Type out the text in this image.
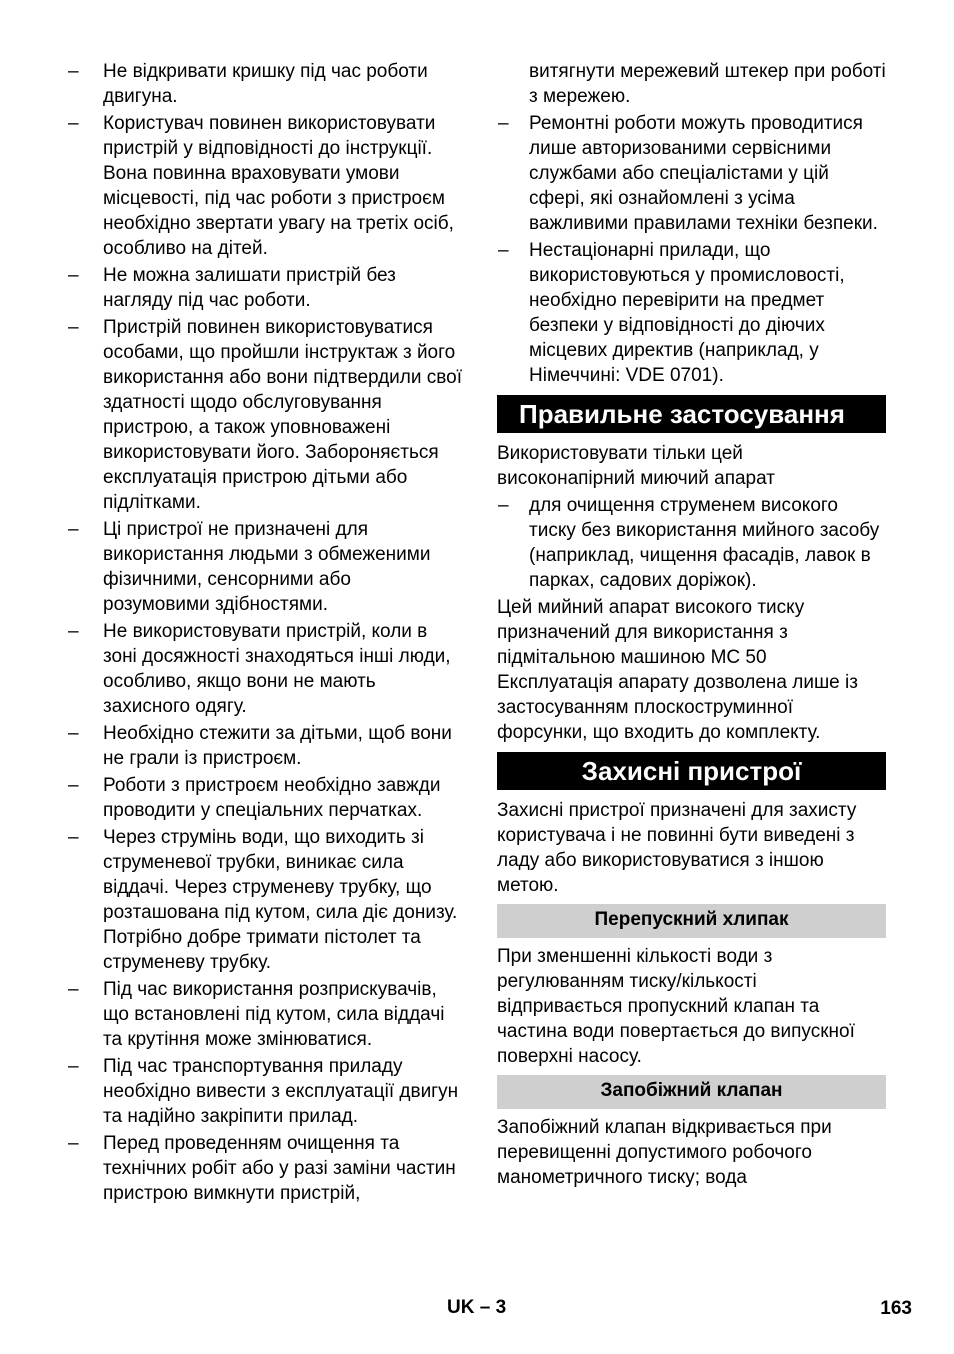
– Не відкривати кришку під час роботи двигуна.
– Користувач повинен використовувати пристрій у відповідності до інструкції. Вона повинна враховувати умови місцевості, під час роботи з пристроєм необхідно звертати увагу на третіх осіб, особливо на дітей.
– Не можна залишати пристрій без нагляду під час роботи.
– Пристрій повинен використовуватися особами, що пройшли інструктаж з його використання або вони підтвердили свої здатності щодо обслуговування пристрою, а також уповноважені використовувати його. Забороняється експлуатація пристрою дітьми або підлітками.
– Ці пристрої не призначені для використання людьми з обмеженими фізичними, сенсорними або розумовими здібностями.
– Не використовувати пристрій, коли в зоні досяжності знаходяться інші люди, особливо, якщо вони не мають захисного одягу.
– Необхідно стежити за дітьми, щоб вони не грали із пристроєм.
– Роботи з пристроєм необхідно завжди проводити у спеціальних перчатках.
– Через струмінь води, що виходить зі струменевої трубки, виникає сила віддачі. Через струменеву трубку, що розташована під кутом, сила діє донизу. Потрібно добре тримати пістолет та струменеву трубку.
– Під час використання розприскувачів, що встановлені під кутом, сила віддачі та крутіння може змінюватися.
– Під час транспортування приладу необхідно вивести з експлуатації двигун та надійно закріпити прилад.
– Перед проведенням очищення та технічних робіт або у разі заміни частин пристрою вимкнути пристрій,
витягнути мережевий штекер при роботі з мережею.
– Ремонтні роботи можуть проводитися лише авторизованими сервісними службами або спеціалістами у цій сфері, які ознайомлені з усіма важливими правилами техніки безпеки.
– Нестаціонарні прилади, що використовуються у промисловості, необхідно перевірити на предмет безпеки у відповідності до діючих місцевих директив (наприклад, у Німеччині: VDE 0701).
Правильне застосування
Використовувати тільки цей високонапірний миючий апарат
– для очищення струменем високого тиску без використання мийного засобу (наприклад, чищення фасадів, лавок в парках, садових доріжок).
Цей мийний апарат високого тиску призначений для використання з підмітальною машиною МС 50 Експлуатація апарату дозволена лише із застосуванням плоскоструминної форсунки, що входить до комплекту.
Захисні пристрої
Захисні пристрої призначені для захисту користувача і не повинні бути виведені з ладу або використовуватися з іншою метою.
Перепускний хлипак
При зменшенні кількості води з регулюванням тиску/кількості відпривається пропускний клапан та частина води повертається до випускної поверхні насосу.
Запобіжний клапан
Запобіжний клапан відкривається при перевищенні допустимого робочого манометричного тиску; вода
UK – 3	163
